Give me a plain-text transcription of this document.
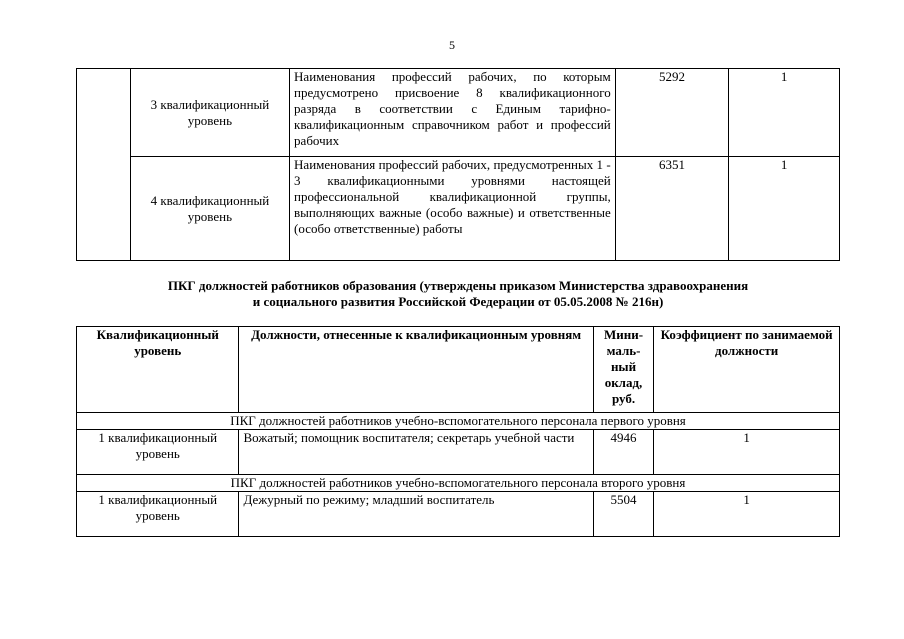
5
	3 квалификационный уровень	Наименования профессий рабочих, по которым предусмотрено присвоение 8 квалификационного разряда в соответствии с Единым тарифно-квалификационным справочником работ и профессий рабочих	5292	1
	4 квалификационный уровень	Наименования профессий рабочих, предусмотренных 1 - 3 квалификационными уровнями настоящей профессиональной квалификационной группы, выполняющих важные (особо важные) и ответственные (особо ответственные) работы	6351	1
ПКГ должностей работников образования (утверждены приказом Министерства здравоохранения
и социального развития Российской Федерации от 05.05.2008 № 216н)
Квалификационный уровень	Должности, отнесенные к квалификационным уровням	Мини-маль-ный оклад, руб.	Коэффициент по занимаемой должности
ПКГ должностей работников учебно-вспомогательного персонала первого уровня			
1 квалификационный уровень	Вожатый; помощник воспитателя; секретарь учебной части	4946	1
ПКГ должностей работников учебно-вспомогательного персонала второго уровня			
1 квалификационный уровень	Дежурный по режиму; младший воспитатель	5504	1
